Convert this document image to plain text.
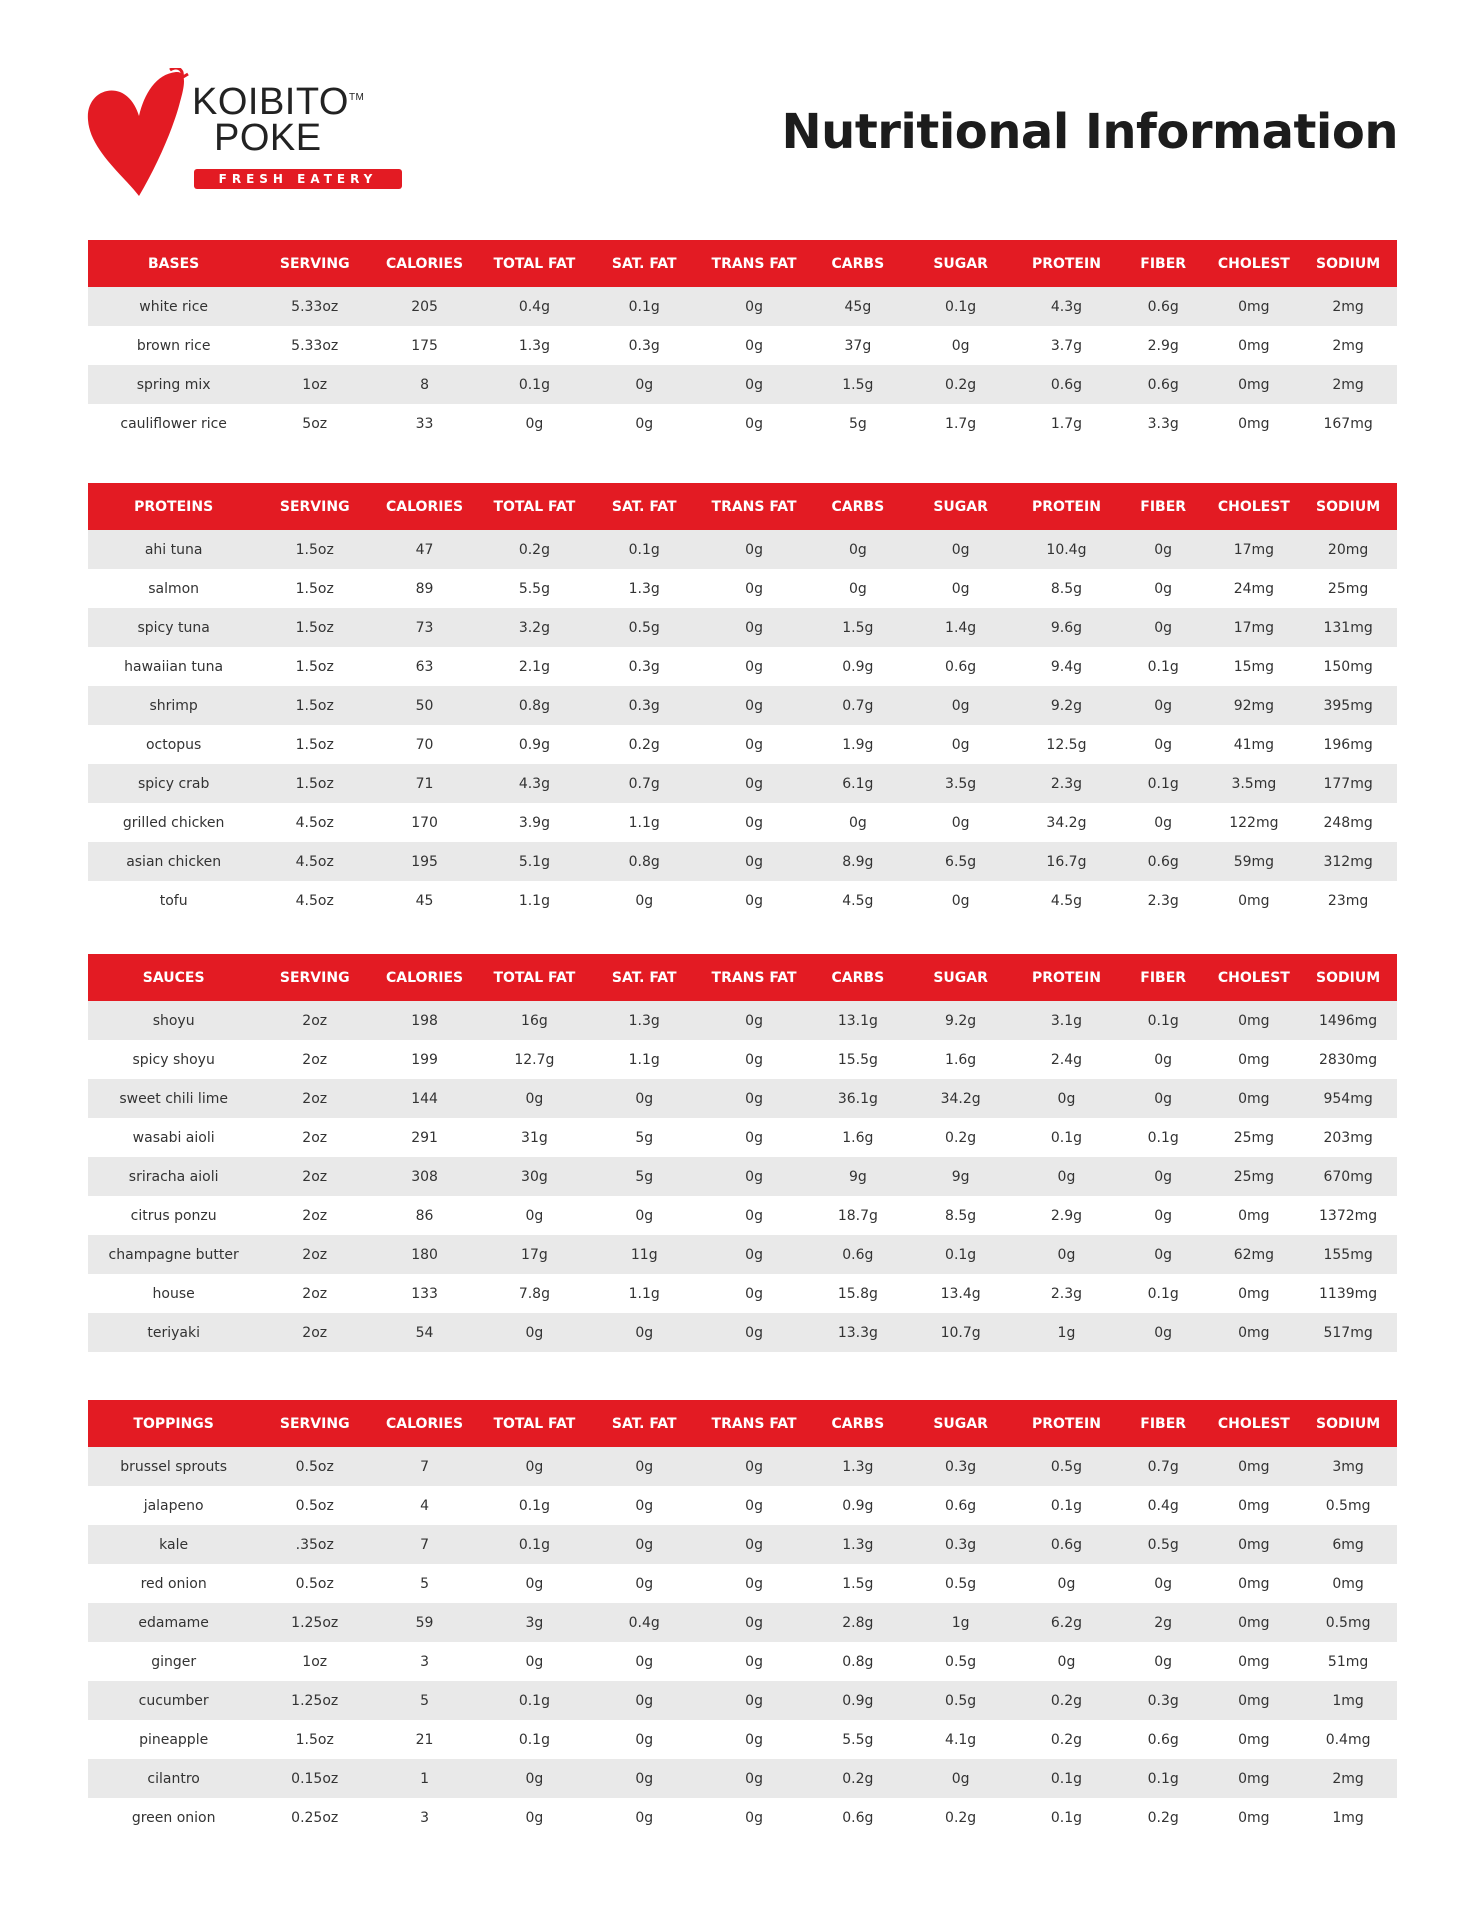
KOIBITO™
POKE
FRESH EATERY
Nutritional Information
BASES	SERVING	CALORIES	TOTAL FAT	SAT. FAT	TRANS FAT	CARBS	SUGAR	PROTEIN	FIBER	CHOLEST	SODIUM
white rice	5.33oz	205	0.4g	0.1g	0g	45g	0.1g	4.3g	0.6g	0mg	2mg
brown rice	5.33oz	175	1.3g	0.3g	0g	37g	0g	3.7g	2.9g	0mg	2mg
spring mix	1oz	8	0.1g	0g	0g	1.5g	0.2g	0.6g	0.6g	0mg	2mg
cauliflower rice	5oz	33	0g	0g	0g	5g	1.7g	1.7g	3.3g	0mg	167mg
PROTEINS	SERVING	CALORIES	TOTAL FAT	SAT. FAT	TRANS FAT	CARBS	SUGAR	PROTEIN	FIBER	CHOLEST	SODIUM
ahi tuna	1.5oz	47	0.2g	0.1g	0g	0g	0g	10.4g	0g	17mg	20mg
salmon	1.5oz	89	5.5g	1.3g	0g	0g	0g	8.5g	0g	24mg	25mg
spicy tuna	1.5oz	73	3.2g	0.5g	0g	1.5g	1.4g	9.6g	0g	17mg	131mg
hawaiian tuna	1.5oz	63	2.1g	0.3g	0g	0.9g	0.6g	9.4g	0.1g	15mg	150mg
shrimp	1.5oz	50	0.8g	0.3g	0g	0.7g	0g	9.2g	0g	92mg	395mg
octopus	1.5oz	70	0.9g	0.2g	0g	1.9g	0g	12.5g	0g	41mg	196mg
spicy crab	1.5oz	71	4.3g	0.7g	0g	6.1g	3.5g	2.3g	0.1g	3.5mg	177mg
grilled chicken	4.5oz	170	3.9g	1.1g	0g	0g	0g	34.2g	0g	122mg	248mg
asian chicken	4.5oz	195	5.1g	0.8g	0g	8.9g	6.5g	16.7g	0.6g	59mg	312mg
tofu	4.5oz	45	1.1g	0g	0g	4.5g	0g	4.5g	2.3g	0mg	23mg
SAUCES	SERVING	CALORIES	TOTAL FAT	SAT. FAT	TRANS FAT	CARBS	SUGAR	PROTEIN	FIBER	CHOLEST	SODIUM
shoyu	2oz	198	16g	1.3g	0g	13.1g	9.2g	3.1g	0.1g	0mg	1496mg
spicy shoyu	2oz	199	12.7g	1.1g	0g	15.5g	1.6g	2.4g	0g	0mg	2830mg
sweet chili lime	2oz	144	0g	0g	0g	36.1g	34.2g	0g	0g	0mg	954mg
wasabi aioli	2oz	291	31g	5g	0g	1.6g	0.2g	0.1g	0.1g	25mg	203mg
sriracha aioli	2oz	308	30g	5g	0g	9g	9g	0g	0g	25mg	670mg
citrus ponzu	2oz	86	0g	0g	0g	18.7g	8.5g	2.9g	0g	0mg	1372mg
champagne butter	2oz	180	17g	11g	0g	0.6g	0.1g	0g	0g	62mg	155mg
house	2oz	133	7.8g	1.1g	0g	15.8g	13.4g	2.3g	0.1g	0mg	1139mg
teriyaki	2oz	54	0g	0g	0g	13.3g	10.7g	1g	0g	0mg	517mg
TOPPINGS	SERVING	CALORIES	TOTAL FAT	SAT. FAT	TRANS FAT	CARBS	SUGAR	PROTEIN	FIBER	CHOLEST	SODIUM
brussel sprouts	0.5oz	7	0g	0g	0g	1.3g	0.3g	0.5g	0.7g	0mg	3mg
jalapeno	0.5oz	4	0.1g	0g	0g	0.9g	0.6g	0.1g	0.4g	0mg	0.5mg
kale	.35oz	7	0.1g	0g	0g	1.3g	0.3g	0.6g	0.5g	0mg	6mg
red onion	0.5oz	5	0g	0g	0g	1.5g	0.5g	0g	0g	0mg	0mg
edamame	1.25oz	59	3g	0.4g	0g	2.8g	1g	6.2g	2g	0mg	0.5mg
ginger	1oz	3	0g	0g	0g	0.8g	0.5g	0g	0g	0mg	51mg
cucumber	1.25oz	5	0.1g	0g	0g	0.9g	0.5g	0.2g	0.3g	0mg	1mg
pineapple	1.5oz	21	0.1g	0g	0g	5.5g	4.1g	0.2g	0.6g	0mg	0.4mg
cilantro	0.15oz	1	0g	0g	0g	0.2g	0g	0.1g	0.1g	0mg	2mg
green onion	0.25oz	3	0g	0g	0g	0.6g	0.2g	0.1g	0.2g	0mg	1mg
